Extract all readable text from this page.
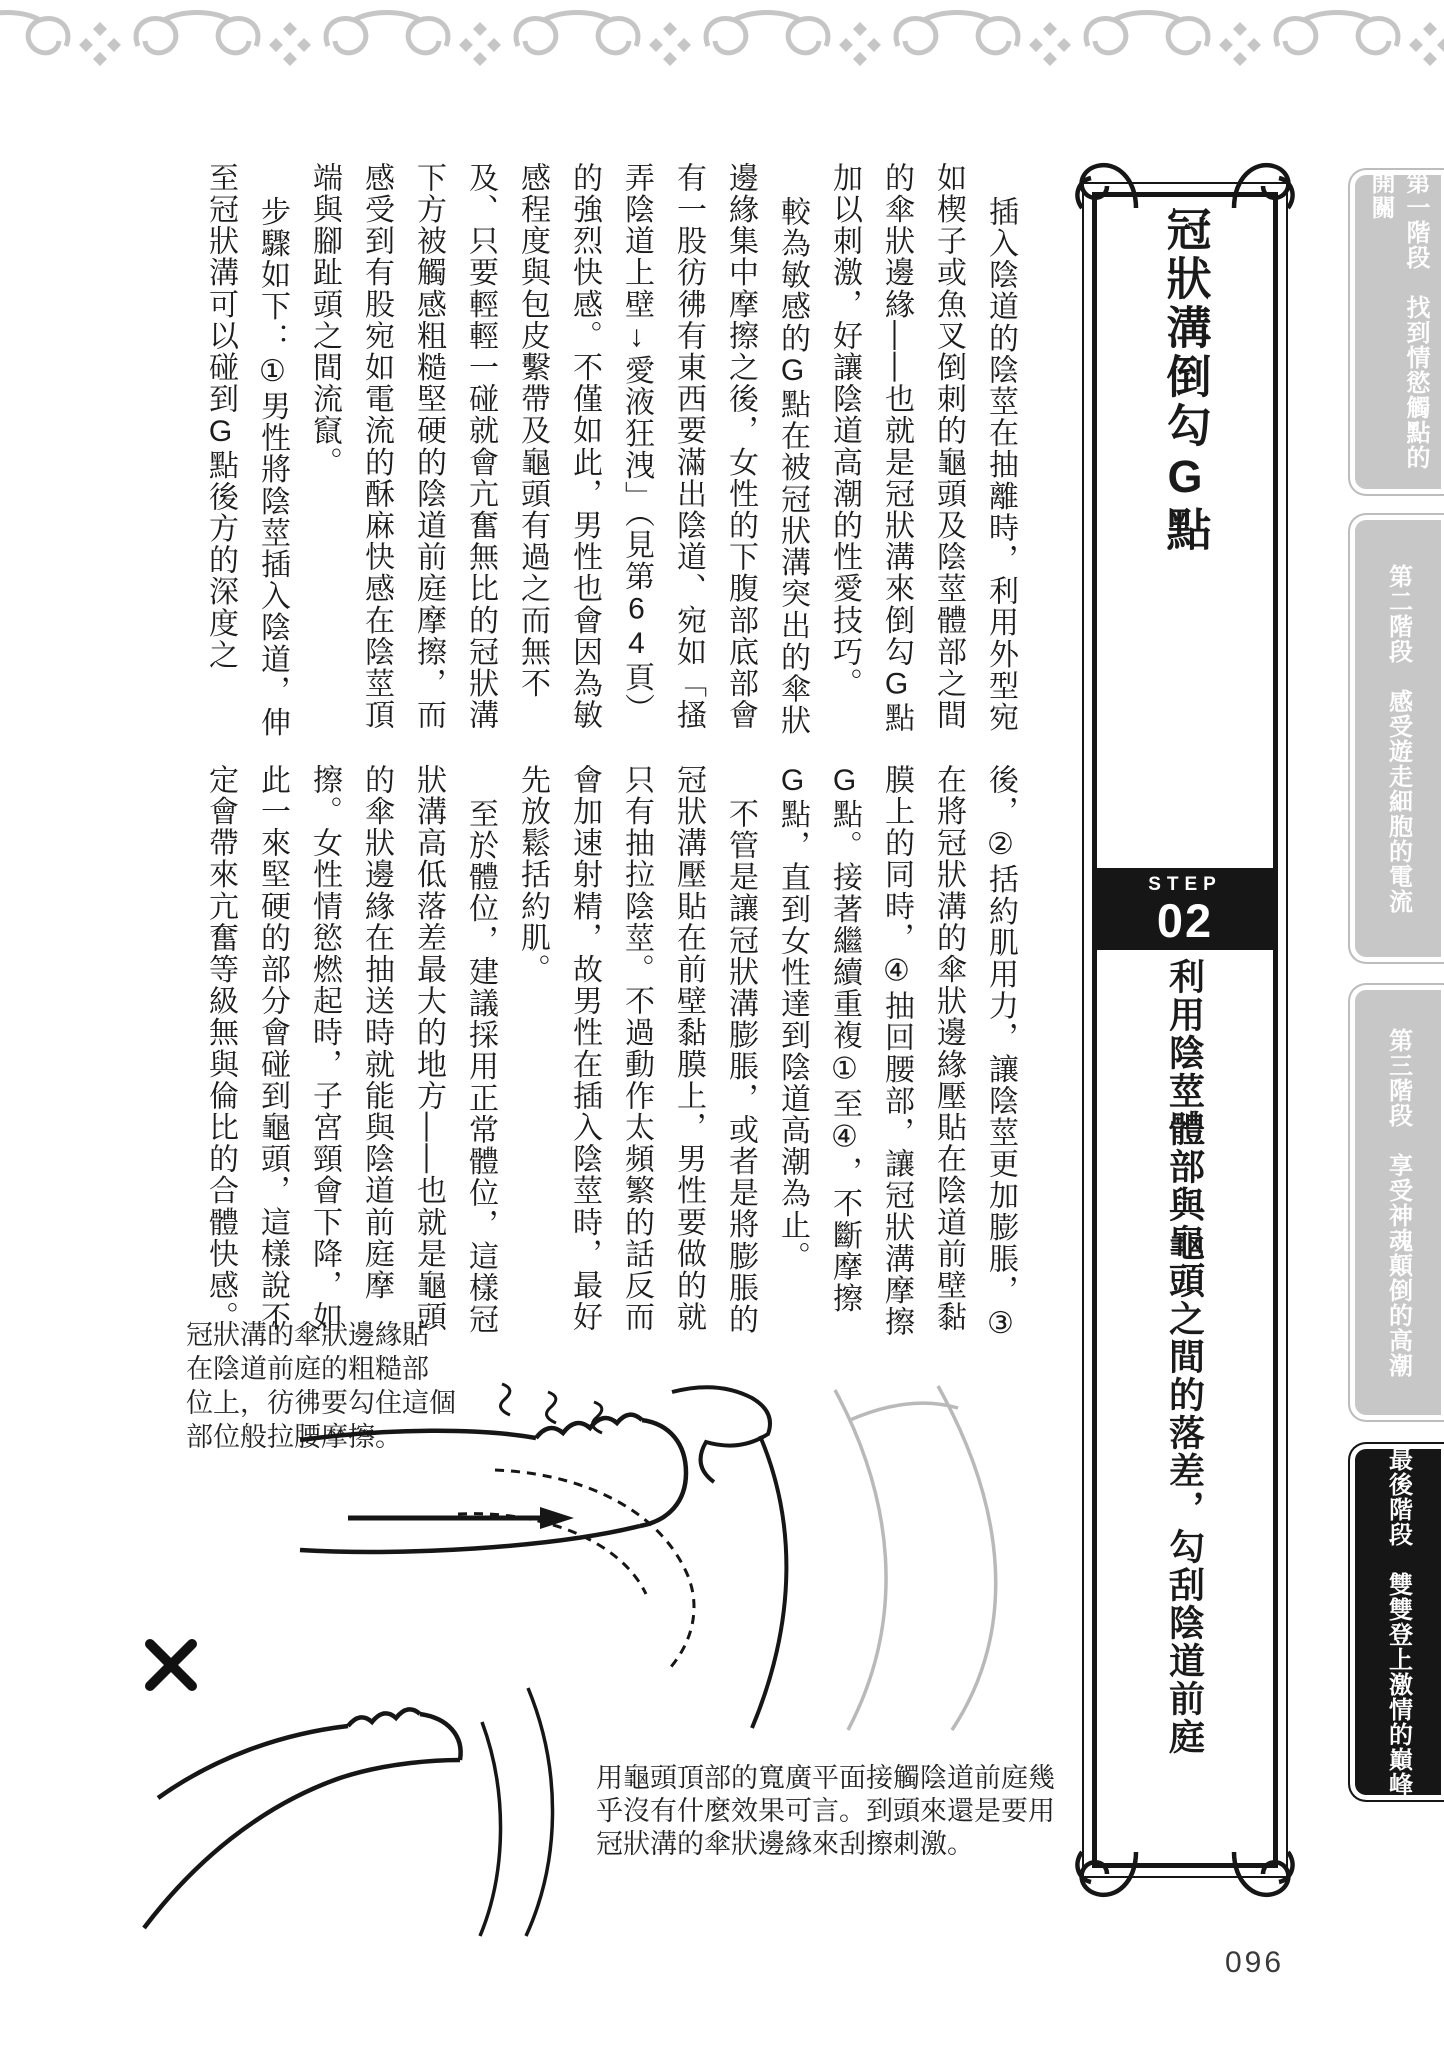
插入陰道的陰莖在抽離時，利用外型宛如楔子或魚叉倒刺的龜頭及陰莖體部之間的傘狀邊緣——也就是冠狀溝來倒勾G點加以刺激，好讓陰道高潮的性愛技巧。

較為敏感的G點在被冠狀溝突出的傘狀邊緣集中摩擦之後，女性的下腹部底部會有一股彷彿有東西要滿出陰道、宛如「搔弄陰道上壁↓愛液狂洩」（見第64頁）的強烈快感。不僅如此，男性也會因為敏感程度與包皮繫帶及龜頭有過之而無不及、只要輕輕一碰就會亢奮無比的冠狀溝下方被觸感粗糙堅硬的陰道前庭摩擦，而感受到有股宛如電流的酥麻快感在陰莖頂端與腳趾頭之間流竄。

步驟如下：①男性將陰莖插入陰道，伸至冠狀溝可以碰到G點後方的深度之

後，②括約肌用力，讓陰莖更加膨脹，③在將冠狀溝的傘狀邊緣壓貼在陰道前壁黏膜上的同時，④抽回腰部，讓冠狀溝摩擦G點。接著繼續重複①至④，不斷摩擦G點，直到女性達到陰道高潮為止。

不管是讓冠狀溝膨脹，或者是將膨脹的冠狀溝壓貼在前壁黏膜上，男性要做的就只有抽拉陰莖。不過動作太頻繁的話反而會加速射精，故男性在插入陰莖時，最好先放鬆括約肌。

至於體位，建議採用正常體位，這樣冠狀溝高低落差最大的地方——也就是龜頭的傘狀邊緣在抽送時就能與陰道前庭摩擦。女性情慾燃起時，子宮頸會下降，如此一來堅硬的部分會碰到龜頭，這樣說不定會帶來亢奮等級無與倫比的合體快感。

冠狀溝倒勾G點
STEP
02
利用陰莖體部與龜頭之間的落差，勾刮陰道前庭
第一階段　找到情慾觸點的開關
第二階段　感受遊走細胞的電流
第三階段　享受神魂顛倒的高潮
最後階段　雙雙登上激情的巔峰
冠狀溝的傘狀邊緣貼
在陰道前庭的粗糙部
位上，彷彿要勾住這個
部位般拉腰摩擦。
用龜頭頂部的寬廣平面接觸陰道前庭幾
乎沒有什麼效果可言。到頭來還是要用
冠狀溝的傘狀邊緣來刮擦刺激。
096
